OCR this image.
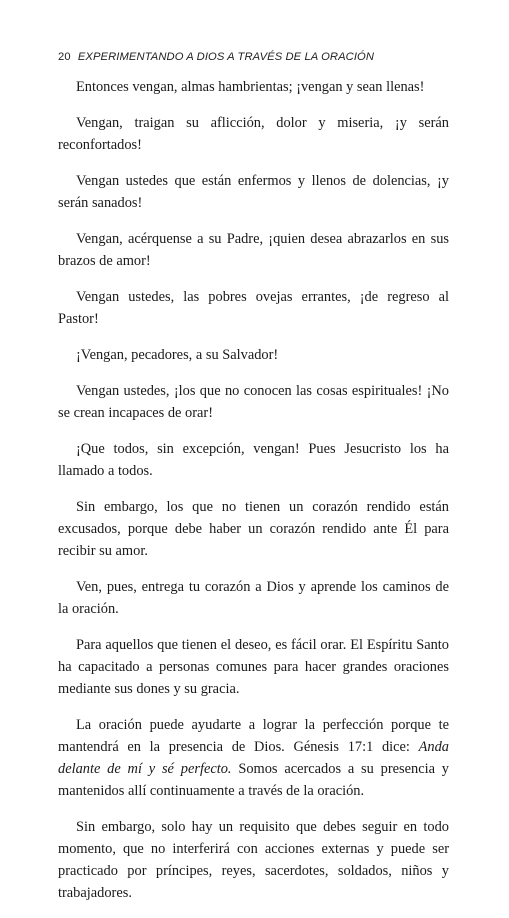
20 EXPERIMENTANDO A DIOS A TRAVÉS DE LA ORACIÓN

Entonces vengan, almas hambrientas; ¡vengan y sean llenas!

Vengan, traigan su aflicción, dolor y miseria, ¡y serán reconfortados!

Vengan ustedes que están enfermos y llenos de dolencias, ¡y serán sanados!

Vengan, acérquense a su Padre, ¡quien desea abrazarlos en sus brazos de amor!

Vengan ustedes, las pobres ovejas errantes, ¡de regreso al Pastor!

¡Vengan, pecadores, a su Salvador!

Vengan ustedes, ¡los que no conocen las cosas espirituales! ¡No se crean incapaces de orar!

¡Que todos, sin excepción, vengan! Pues Jesucristo los ha llamado a todos.

Sin embargo, los que no tienen un corazón rendido están excusados, porque debe haber un corazón rendido ante Él para recibir su amor.

Ven, pues, entrega tu corazón a Dios y aprende los caminos de la oración.

Para aquellos que tienen el deseo, es fácil orar. El Espíritu Santo ha capacitado a personas comunes para hacer grandes oraciones mediante sus dones y su gracia.

La oración puede ayudarte a lograr la perfección porque te mantendrá en la presencia de Dios. Génesis 17:1 dice: Anda delante de mí y sé perfecto. Somos acercados a su presencia y mantenidos allí continuamente a través de la oración.

Sin embargo, solo hay un requisito que debes seguir en todo momento, que no interferirá con acciones externas y puede ser practicado por príncipes, reyes, sacerdotes, soldados, niños y trabajadores.
